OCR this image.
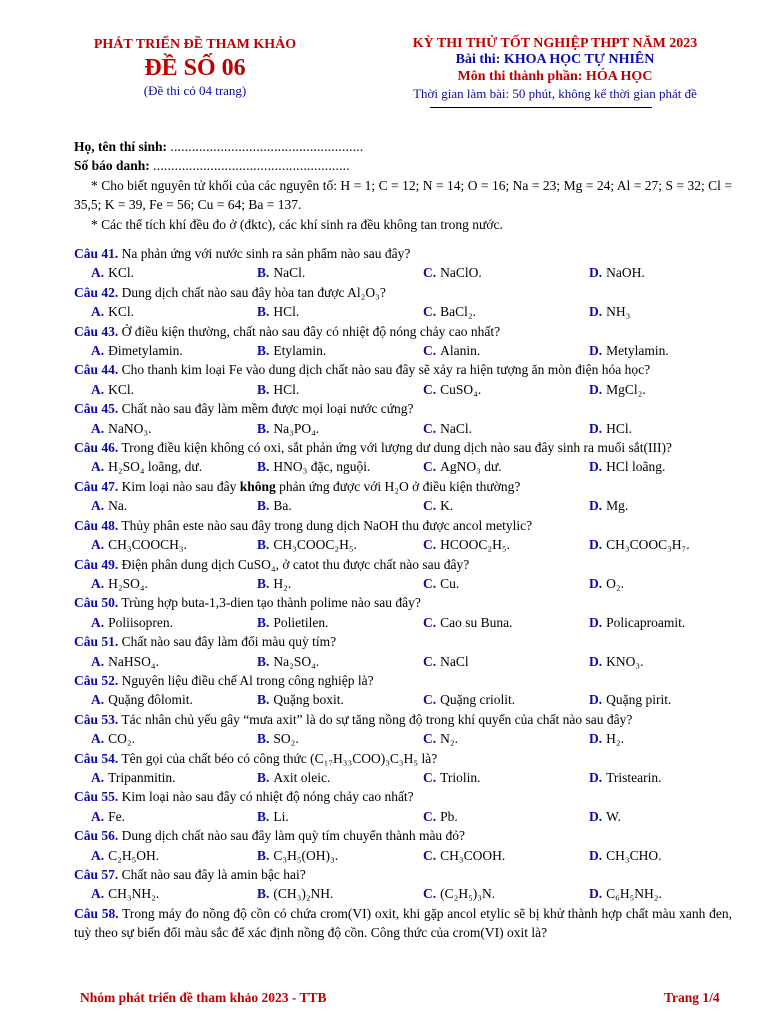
PHÁT TRIỂN ĐỀ THAM KHẢO
ĐỀ SỐ 06
(Đề thi có 04 trang)
KỲ THI THỬ TỐT NGHIỆP THPT NĂM 2023
Bài thi: KHOA HỌC TỰ NHIÊN
Môn thi thành phần: HÓA HỌC
Thời gian làm bài: 50 phút, không kể thời gian phát đề
Họ, tên thí sinh: ......................................................
Số báo danh: .......................................................
* Cho biết nguyên tử khối của các nguyên tố: H = 1; C = 12; N = 14; O = 16; Na = 23; Mg = 24; Al = 27; S = 32; Cl = 35,5; K = 39, Fe = 56; Cu = 64; Ba = 137.
* Các thể tích khí đều đo ở (đktc), các khí sinh ra đều không tan trong nước.
Câu 41. Na phản ứng với nước sinh ra sản phẩm nào sau đây?
A. KCl.	B. NaCl.	C. NaClO.	D. NaOH.
Câu 42. Dung dịch chất nào sau đây hòa tan được Al₂O₃?
A. KCl.	B. HCl.	C. BaCl₂.	D. NH₃
Câu 43. Ở điều kiện thường, chất nào sau đây có nhiệt độ nóng chảy cao nhất?
A. Đimetylamin.	B. Etylamin.	C. Alanin.	D. Metylamin.
Câu 44. Cho thanh kim loại Fe vào dung dịch chất nào sau đây sẽ xảy ra hiện tượng ăn mòn điện hóa học?
A. KCl.	B. HCl.	C. CuSO₄.	D. MgCl₂.
Câu 45. Chất nào sau đây làm mềm được mọi loại nước cứng?
A. NaNO₃.	B. Na₃PO₄.	C. NaCl.	D. HCl.
Câu 46. Trong điều kiện không có oxi, sắt phản ứng với lượng dư dung dịch nào sau đây sinh ra muối sắt(III)?
A. H₂SO₄ loãng, dư.	B. HNO₃ đặc, nguội.	C. AgNO₃ dư.	D. HCl loãng.
Câu 47. Kim loại nào sau đây không phản ứng được với H₂O ở điều kiện thường?
A. Na.	B. Ba.	C. K.	D. Mg.
Câu 48. Thủy phân este nào sau đây trong dung dịch NaOH thu được ancol metylic?
A. CH₃COOCH₃.	B. CH₃COOC₂H₅.	C. HCOOC₂H₅.	D. CH₃COOC₃H₇.
Câu 49. Điện phân dung dịch CuSO₄, ở catot thu được chất nào sau đây?
A. H₂SO₄.	B. H₂.	C. Cu.	D. O₂.
Câu 50. Trùng hợp buta-1,3-dien tạo thành polime nào sau đây?
A. Poliisopren.	B. Polietilen.	C. Cao su Buna.	D. Policaproamit.
Câu 51. Chất nào sau đây làm đổi màu quỳ tím?
A. NaHSO₄.	B. Na₂SO₄.	C. NaCl	D. KNO₃.
Câu 52. Nguyên liệu điều chế Al trong công nghiệp là?
A. Quặng đôlomit.	B. Quặng boxit.	C. Quặng criolit.	D. Quặng pirit.
Câu 53. Tác nhân chủ yếu gây “mưa axit” là do sự tăng nồng độ trong khí quyển của chất nào sau đây?
A. CO₂.	B. SO₂.	C. N₂.	D. H₂.
Câu 54. Tên gọi của chất béo có công thức (C₁₇H₃₃COO)₃C₃H₅ là?
A. Tripanmitin.	B. Axit oleic.	C. Triolin.	D. Tristearin.
Câu 55. Kim loại nào sau đây có nhiệt độ nóng chảy cao nhất?
A. Fe.	B. Li.	C. Pb.	D. W.
Câu 56. Dung dịch chất nào sau đây làm quỳ tím chuyển thành màu đỏ?
A. C₂H₅OH.	B. C₃H₅(OH)₃.	C. CH₃COOH.	D. CH₃CHO.
Câu 57. Chất nào sau đây là amin bậc hai?
A. CH₃NH₂.	B. (CH₃)₂NH.	C. (C₂H₅)₃N.	D. C₆H₅NH₂.
Câu 58. Trong máy đo nồng độ cồn có chứa crom(VI) oxit, khi gặp ancol etylic sẽ bị khử thành hợp chất màu xanh đen, tuỳ theo sự biến đổi màu sắc để xác định nồng độ cồn. Công thức của crom(VI) oxit là?
Nhóm phát triển đề tham khảo 2023 - TTB	Trang 1/4
